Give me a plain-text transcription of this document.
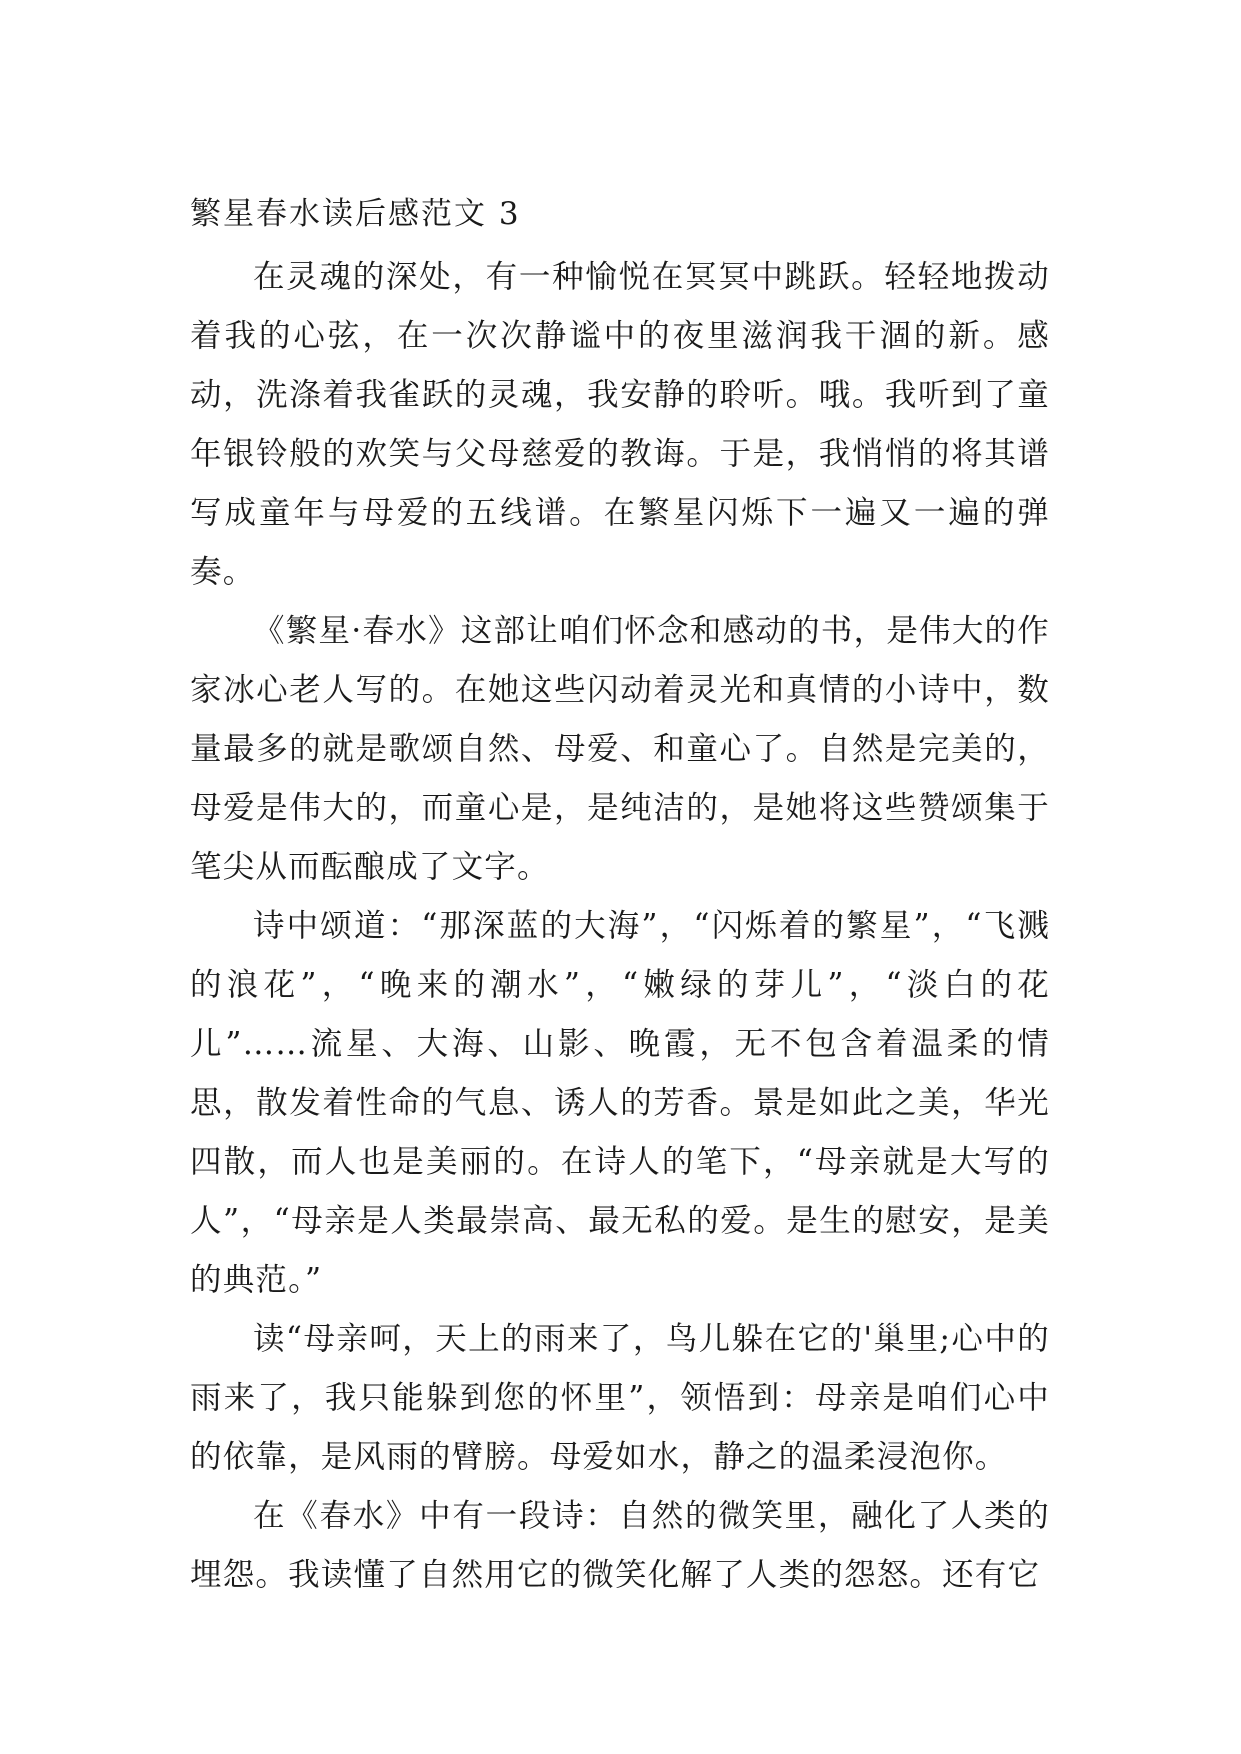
繁星春水读后感范文 3

在灵魂的深处，有一种愉悦在冥冥中跳跃。轻轻地拨动着我的心弦，在一次次静谧中的夜里滋润我干涸的新。感动，洗涤着我雀跃的灵魂，我安静的聆听。哦。我听到了童年银铃般的欢笑与父母慈爱的教诲。于是，我悄悄的将其谱写成童年与母爱的五线谱。在繁星闪烁下一遍又一遍的弹奏。

《繁星·春水》这部让咱们怀念和感动的书，是伟大的作家冰心老人写的。在她这些闪动着灵光和真情的小诗中，数量最多的就是歌颂自然、母爱、和童心了。自然是完美的，母爱是伟大的，而童心是，是纯洁的，是她将这些赞颂集于笔尖从而酝酿成了文字。

诗中颂道：“那深蓝的大海”，“闪烁着的繁星”，“飞溅的浪花”，“晚来的潮水”，“嫩绿的芽儿”，“淡白的花儿”……流星、大海、山影、晚霞，无不包含着温柔的情思，散发着性命的气息、诱人的芳香。景是如此之美，华光四散，而人也是美丽的。在诗人的笔下，“母亲就是大写的人”，“母亲是人类最崇高、最无私的爱。是生的慰安，是美的典范。”

读“母亲呵，天上的雨来了，鸟儿躲在它的'巢里;心中的雨来了，我只能躲到您的怀里”，领悟到：母亲是咱们心中的依靠，是风雨的臂膀。母爱如水，静之的温柔浸泡你。

在《春水》中有一段诗：自然的微笑里，融化了人类的埋怨。我读懂了自然用它的微笑化解了人类的怨怒。还有它
